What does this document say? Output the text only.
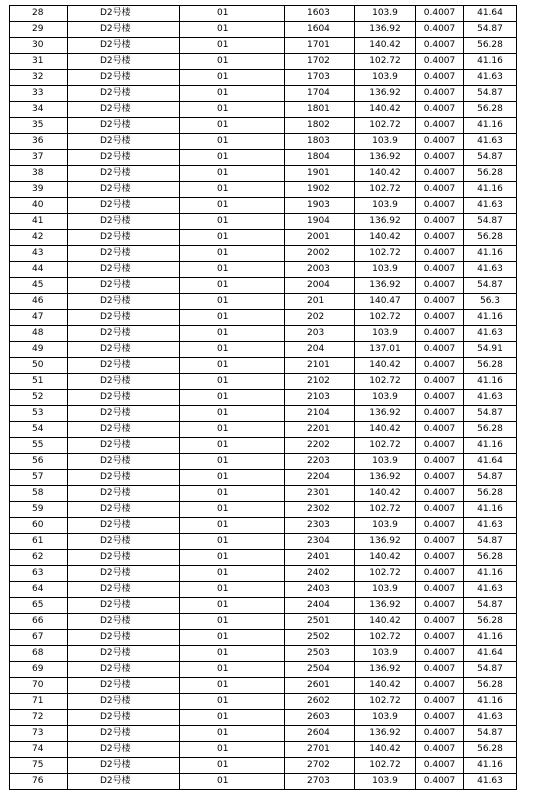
28	D2号楼	01	1603	103.9	0.4007	41.64
29	D2号楼	01	1604	136.92	0.4007	54.87
30	D2号楼	01	1701	140.42	0.4007	56.28
31	D2号楼	01	1702	102.72	0.4007	41.16
32	D2号楼	01	1703	103.9	0.4007	41.63
33	D2号楼	01	1704	136.92	0.4007	54.87
34	D2号楼	01	1801	140.42	0.4007	56.28
35	D2号楼	01	1802	102.72	0.4007	41.16
36	D2号楼	01	1803	103.9	0.4007	41.63
37	D2号楼	01	1804	136.92	0.4007	54.87
38	D2号楼	01	1901	140.42	0.4007	56.28
39	D2号楼	01	1902	102.72	0.4007	41.16
40	D2号楼	01	1903	103.9	0.4007	41.63
41	D2号楼	01	1904	136.92	0.4007	54.87
42	D2号楼	01	2001	140.42	0.4007	56.28
43	D2号楼	01	2002	102.72	0.4007	41.16
44	D2号楼	01	2003	103.9	0.4007	41.63
45	D2号楼	01	2004	136.92	0.4007	54.87
46	D2号楼	01	201	140.47	0.4007	56.3
47	D2号楼	01	202	102.72	0.4007	41.16
48	D2号楼	01	203	103.9	0.4007	41.63
49	D2号楼	01	204	137.01	0.4007	54.91
50	D2号楼	01	2101	140.42	0.4007	56.28
51	D2号楼	01	2102	102.72	0.4007	41.16
52	D2号楼	01	2103	103.9	0.4007	41.63
53	D2号楼	01	2104	136.92	0.4007	54.87
54	D2号楼	01	2201	140.42	0.4007	56.28
55	D2号楼	01	2202	102.72	0.4007	41.16
56	D2号楼	01	2203	103.9	0.4007	41.64
57	D2号楼	01	2204	136.92	0.4007	54.87
58	D2号楼	01	2301	140.42	0.4007	56.28
59	D2号楼	01	2302	102.72	0.4007	41.16
60	D2号楼	01	2303	103.9	0.4007	41.63
61	D2号楼	01	2304	136.92	0.4007	54.87
62	D2号楼	01	2401	140.42	0.4007	56.28
63	D2号楼	01	2402	102.72	0.4007	41.16
64	D2号楼	01	2403	103.9	0.4007	41.63
65	D2号楼	01	2404	136.92	0.4007	54.87
66	D2号楼	01	2501	140.42	0.4007	56.28
67	D2号楼	01	2502	102.72	0.4007	41.16
68	D2号楼	01	2503	103.9	0.4007	41.64
69	D2号楼	01	2504	136.92	0.4007	54.87
70	D2号楼	01	2601	140.42	0.4007	56.28
71	D2号楼	01	2602	102.72	0.4007	41.16
72	D2号楼	01	2603	103.9	0.4007	41.63
73	D2号楼	01	2604	136.92	0.4007	54.87
74	D2号楼	01	2701	140.42	0.4007	56.28
75	D2号楼	01	2702	102.72	0.4007	41.16
76	D2号楼	01	2703	103.9	0.4007	41.63
